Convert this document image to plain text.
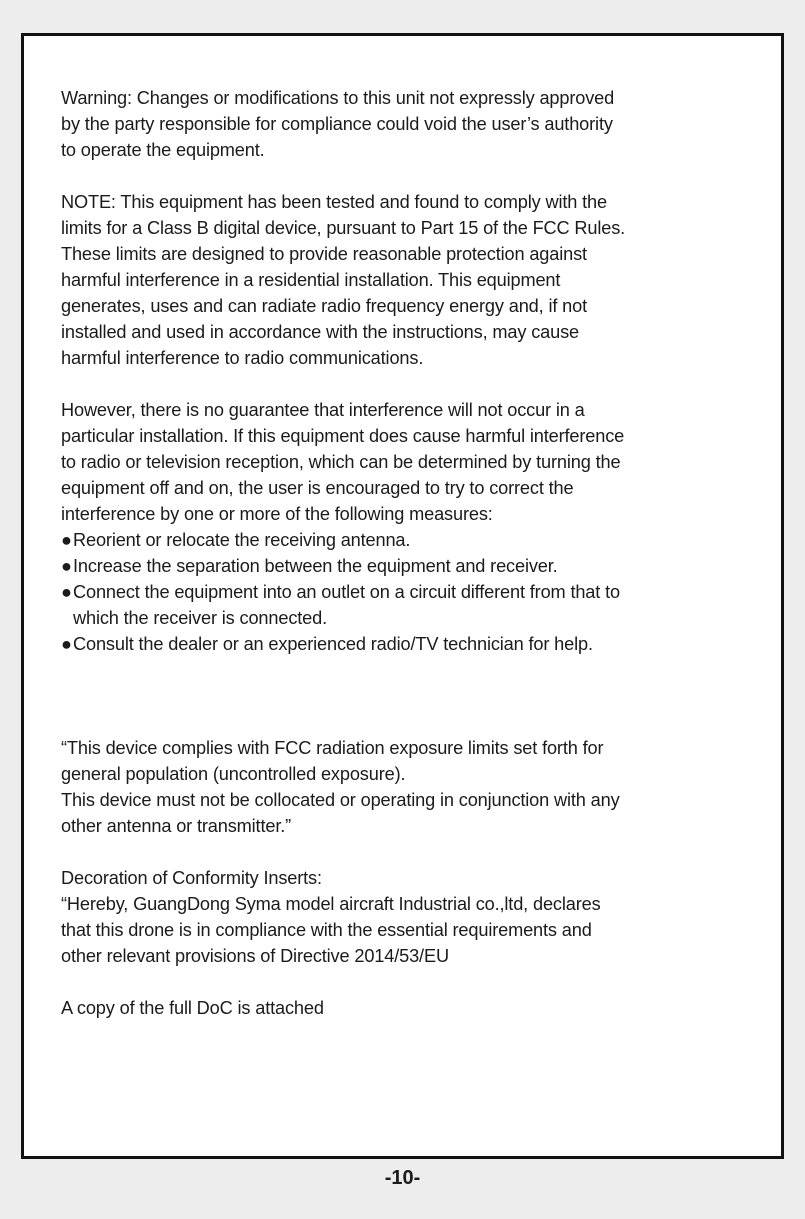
Warning: Changes or modifications to this unit not expressly approved

by the party responsible for compliance could void the user’s authority

to operate the equipment.

NOTE: This equipment has been tested and found to comply with the

limits for a Class B digital device, pursuant to Part 15 of the FCC Rules.

These limits are designed to provide reasonable protection against

harmful interference in a residential installation. This equipment

generates, uses and can radiate radio frequency energy and, if not

installed and used in accordance with the instructions, may cause

harmful interference to radio communications.

However, there is no guarantee that interference will not occur in a

particular installation. If this equipment does cause harmful interference

to radio or television reception, which can be determined by turning the

equipment off and on, the user is encouraged to try to correct the

interference by one or more of the following measures:

● Reorient or relocate the receiving antenna.
● Increase the separation between the equipment and receiver.
● Connect the equipment into an outlet on a circuit different from that to
which the receiver is connected.
● Consult the dealer or an experienced radio/TV technician for help.

“This device complies with FCC radiation exposure limits set forth for

general population (uncontrolled exposure).

This device must not be collocated or operating in conjunction with any

other antenna or transmitter.”

Decoration of Conformity Inserts:

“Hereby, GuangDong Syma model aircraft Industrial co.,ltd, declares

that this drone is in compliance with the essential requirements and

other relevant provisions of Directive 2014/53/EU

A copy of the full DoC is attached

-10-
